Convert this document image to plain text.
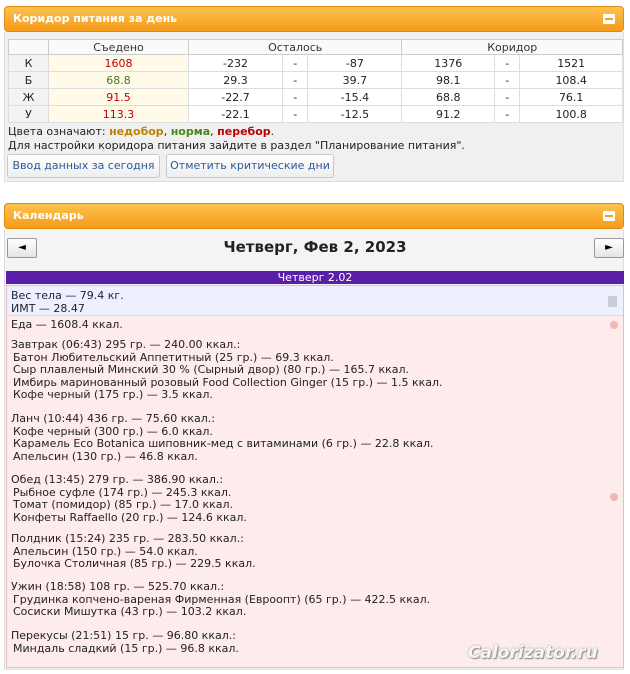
Коридор питания за день
	Съедено	Осталось			Коридор		
К	1608	-232	-	-87	1376	-	1521
Б	68.8	29.3	-	39.7	98.1	-	108.4
Ж	91.5	-22.7	-	-15.4	68.8	-	76.1
У	113.3	-22.1	-	-12.5	91.2	-	100.8
Цвета означают: недобор, норма, перебор.
Для настройки коридора питания зайдите в раздел "Планирование питания".
Ввод данных за сегодня	Отметить критические дни
Календарь
◄	Четверг, Фев 2, 2023	►
Четверг 2.02
Вес тела — 79.4 кг.
ИМТ — 28.47
Еда — 1608.4 ккал.
Завтрак (06:43) 295 гр. — 240.00 ккал.:
Батон Любительский Аппетитный (25 гр.) — 69.3 ккал.
Сыр плавленый Минский 30 % (Сырный двор) (80 гр.) — 165.7 ккал.
Имбирь маринованный розовый Food Collection Ginger (15 гр.) — 1.5 ккал.
Кофе черный (175 гр.) — 3.5 ккал.
Ланч (10:44) 436 гр. — 75.60 ккал.:
Кофе черный (300 гр.) — 6.0 ккал.
Карамель Eco Botanica шиповник-мед с витаминами (6 гр.) — 22.8 ккал.
Апельсин (130 гр.) — 46.8 ккал.
Обед (13:45) 279 гр. — 386.90 ккал.:
Рыбное суфле (174 гр.) — 245.3 ккал.
Томат (помидор) (85 гр.) — 17.0 ккал.
Конфеты Raffaello (20 гр.) — 124.6 ккал.
Полдник (15:24) 235 гр. — 283.50 ккал.:
Апельсин (150 гр.) — 54.0 ккал.
Булочка Столичная (85 гр.) — 229.5 ккал.
Ужин (18:58) 108 гр. — 525.70 ккал.:
Грудинка копчено-вареная Фирменная (Евроопт) (65 гр.) — 422.5 ккал.
Сосиски Мишутка (43 гр.) — 103.2 ккал.
Перекусы (21:51) 15 гр. — 96.80 ккал.:
Миндаль сладкий (15 гр.) — 96.8 ккал.	Calorizator.ru
